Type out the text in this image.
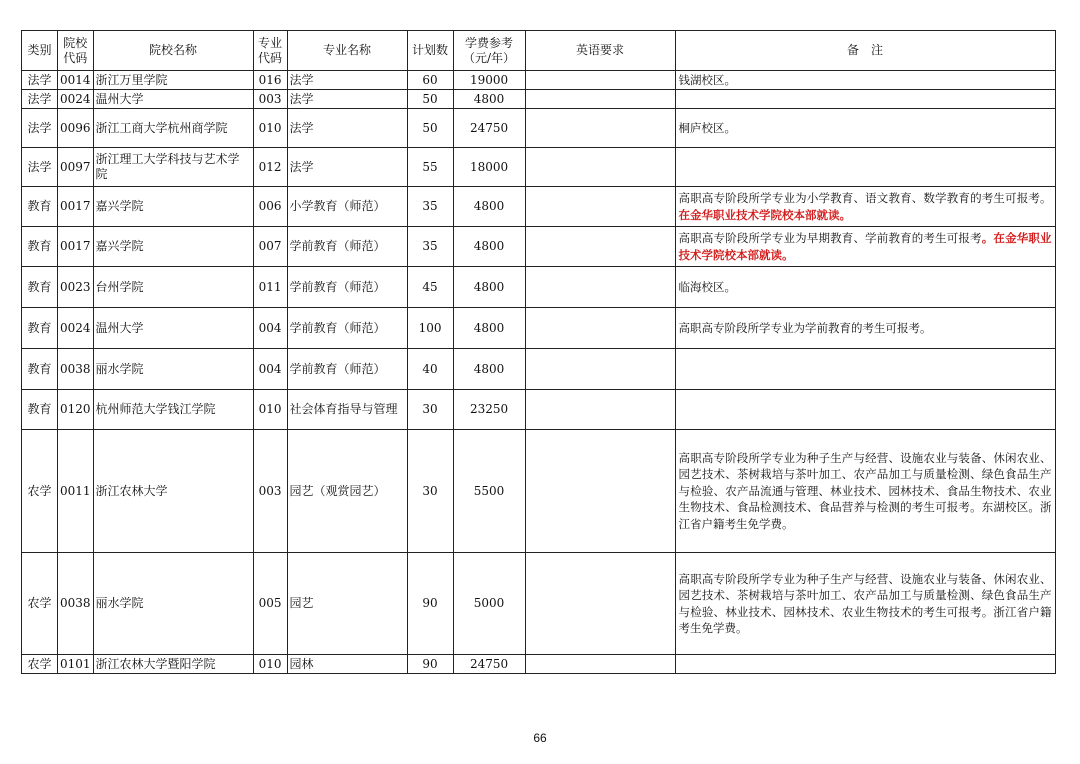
类别	院校代码	院校名称	专业代码	专业名称	计划数	学费参考（元/年）	英语要求	备　注
法学	0014	浙江万里学院	016	法学	60	19000		钱湖校区。
法学	0024	温州大学	003	法学	50	4800		
法学	0096	浙江工商大学杭州商学院	010	法学	50	24750		桐庐校区。
法学	0097	浙江理工大学科技与艺术学院	012	法学	55	18000		
教育	0017	嘉兴学院	006	小学教育（师范）	35	4800		高职高专阶段所学专业为小学教育、语文教育、数学教育的考生可报考。在金华职业技术学院校本部就读。
教育	0017	嘉兴学院	007	学前教育（师范）	35	4800		高职高专阶段所学专业为早期教育、学前教育的考生可报考。在金华职业技术学院校本部就读。
教育	0023	台州学院	011	学前教育（师范）	45	4800		临海校区。
教育	0024	温州大学	004	学前教育（师范）	100	4800		高职高专阶段所学专业为学前教育的考生可报考。
教育	0038	丽水学院	004	学前教育（师范）	40	4800		
教育	0120	杭州师范大学钱江学院	010	社会体育指导与管理	30	23250		
农学	0011	浙江农林大学	003	园艺（观赏园艺）	30	5500		高职高专阶段所学专业为种子生产与经营、设施农业与装备、休闲农业、园艺技术、茶树栽培与茶叶加工、农产品加工与质量检测、绿色食品生产与检验、农产品流通与管理、林业技术、园林技术、食品生物技术、农业生物技术、食品检测技术、食品营养与检测的考生可报考。东湖校区。浙江省户籍考生免学费。
农学	0038	丽水学院	005	园艺	90	5000		高职高专阶段所学专业为种子生产与经营、设施农业与装备、休闲农业、园艺技术、茶树栽培与茶叶加工、农产品加工与质量检测、绿色食品生产与检验、林业技术、园林技术、农业生物技术的考生可报考。浙江省户籍考生免学费。
农学	0101	浙江农林大学暨阳学院	010	园林	90	24750		
66
